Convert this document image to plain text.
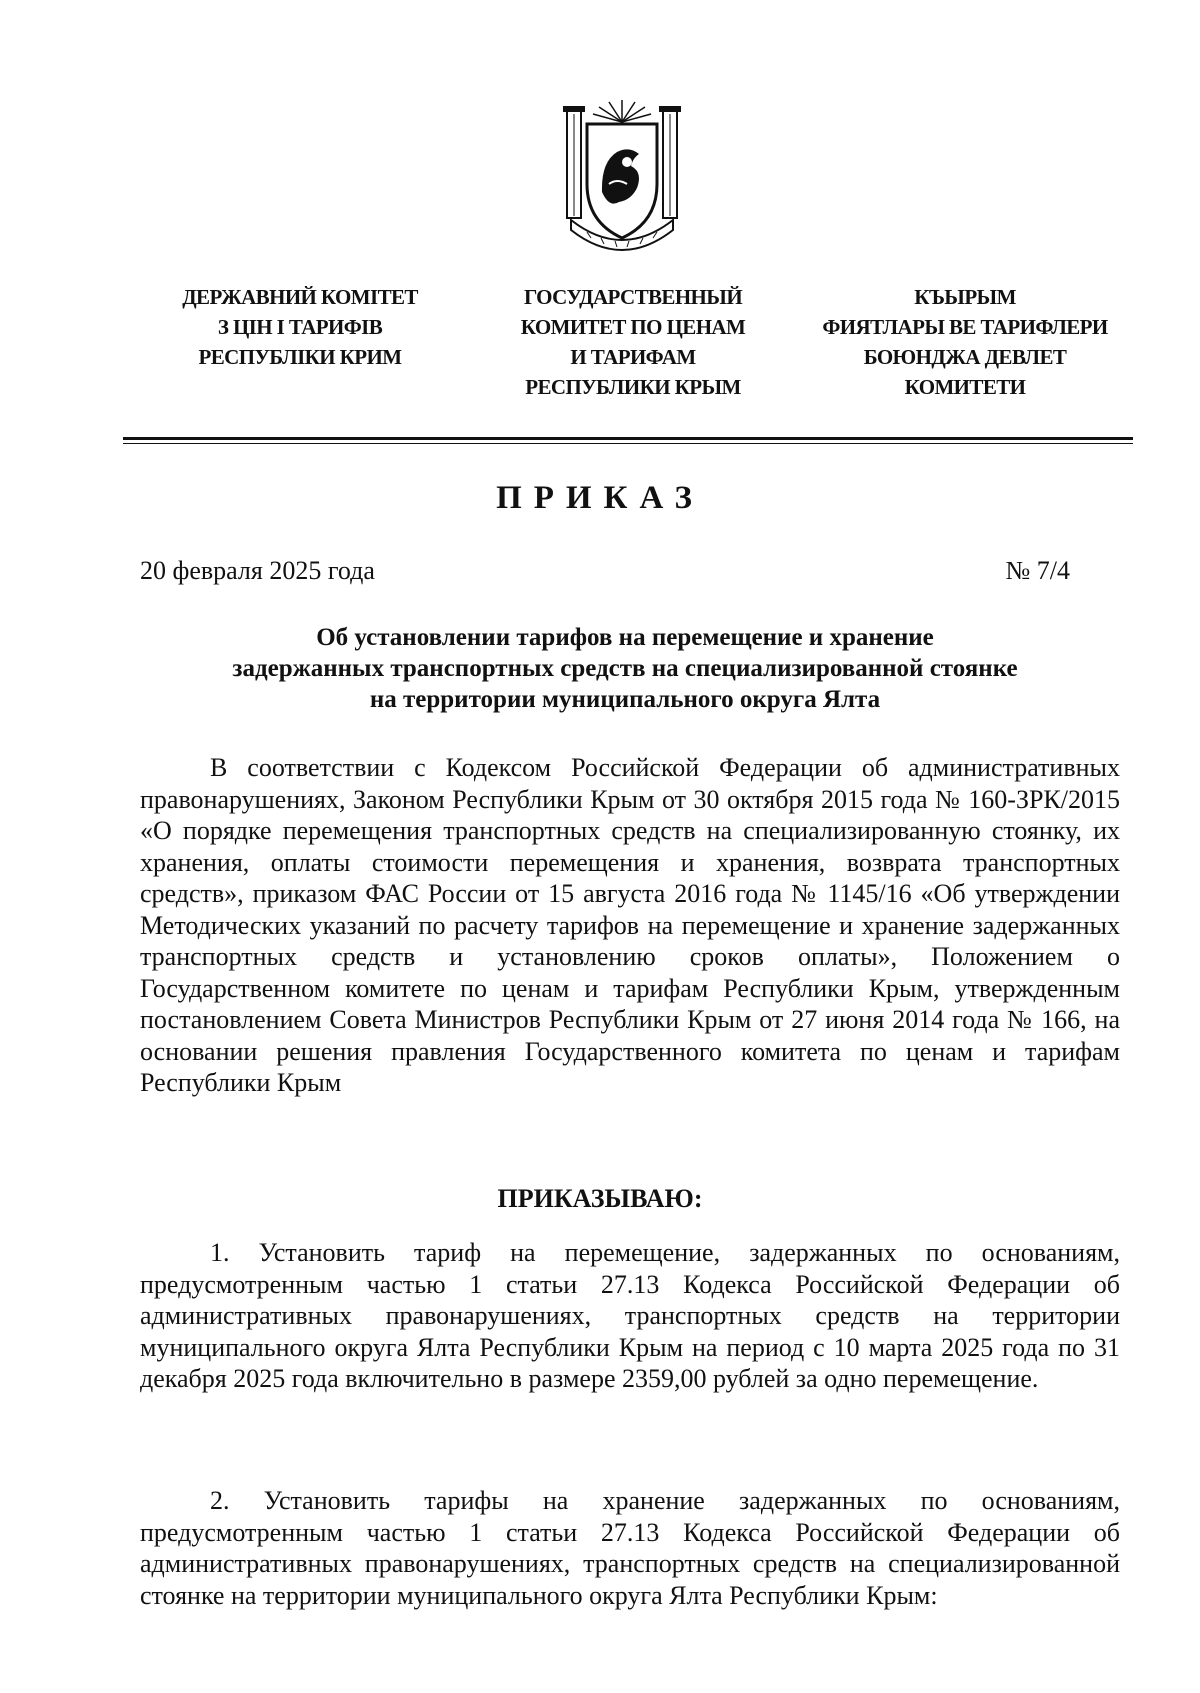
ДЕРЖАВНИЙ КОМІТЕТ
З ЦІН І ТАРИФІВ
РЕСПУБЛІКИ КРИМ
ГОСУДАРСТВЕННЫЙ
КОМИТЕТ ПО ЦЕНАМ
И ТАРИФАМ
РЕСПУБЛИКИ КРЫМ
КЪЫРЫМ
ФИЯТЛАРЫ ВЕ ТАРИФЛЕРИ
БОЮНДЖА ДЕВЛЕТ
КОМИТЕТИ
ПРИКАЗ
20 февраля 2025 года	№ 7/4
Об установлении тарифов на перемещение и хранение
задержанных транспортных средств на специализированной стоянке
на территории муниципального округа Ялта
В соответствии с Кодексом Российской Федерации об административных правонарушениях, Законом Республики Крым от 30 октября 2015 года № 160-ЗРК/2015 «О порядке перемещения транспортных средств на специализированную стоянку, их хранения, оплаты стоимости перемещения и хранения, возврата транспортных средств», приказом ФАС России от 15 августа 2016 года № 1145/16 «Об утверждении Методических указаний по расчету тарифов на перемещение и хранение задержанных транспортных средств и установлению сроков оплаты», Положением о Государственном комитете по ценам и тарифам Республики Крым, утвержденным постановлением Совета Министров Республики Крым от 27 июня 2014 года № 166, на основании решения правления Государственного комитета по ценам и тарифам Республики Крым
ПРИКАЗЫВАЮ:
1. Установить тариф на перемещение, задержанных по основаниям, предусмотренным частью 1 статьи 27.13 Кодекса Российской Федерации об административных правонарушениях, транспортных средств на территории муниципального округа Ялта Республики Крым на период с 10 марта 2025 года по 31 декабря 2025 года включительно в размере 2359,00 рублей за одно перемещение.
2. Установить тарифы на хранение задержанных по основаниям, предусмотренным частью 1 статьи 27.13 Кодекса Российской Федерации об административных правонарушениях, транспортных средств на специализированной стоянке на территории муниципального округа Ялта Республики Крым:
